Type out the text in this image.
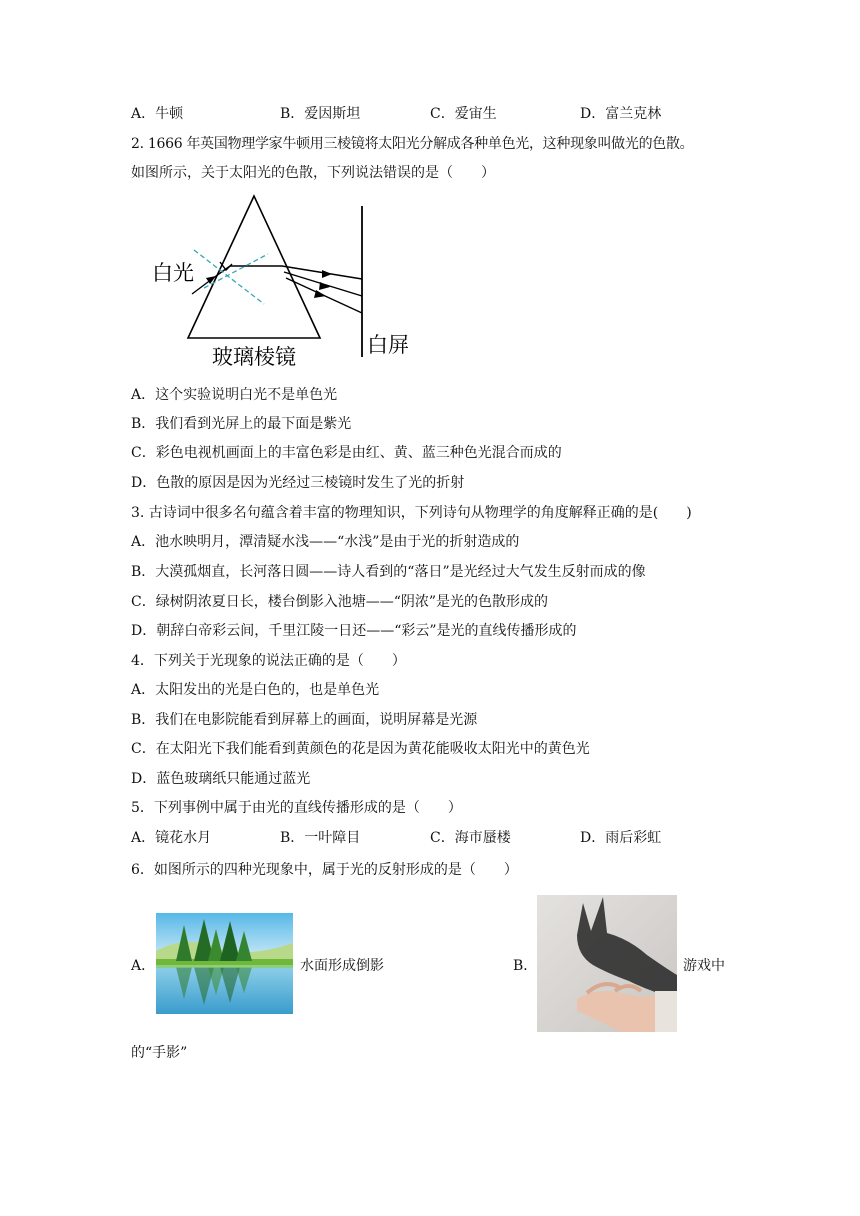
A．牛顿	B．爱因斯坦	C．爱宙生	D．富兰克林
2. 1666 年英国物理学家牛顿用三棱镜将太阳光分解成各种单色光，这种现象叫做光的色散。
如图所示，关于太阳光的色散，下列说法错误的是（　　）
白光
玻璃棱镜
白屏
A．这个实验说明白光不是单色光
B．我们看到光屏上的最下面是紫光
C．彩色电视机画面上的丰富色彩是由红、黄、蓝三种色光混合而成的
D．色散的原因是因为光经过三棱镜时发生了光的折射
3. 古诗词中很多名句蕴含着丰富的物理知识，下列诗句从物理学的角度解释正确的是(　　)
A．池水映明月，潭清疑水浅——“水浅”是由于光的折射造成的
B．大漠孤烟直，长河落日圆——诗人看到的“落日”是光经过大气发生反射而成的像
C．绿树阴浓夏日长，楼台倒影入池塘——“阴浓”是光的色散形成的
D．朝辞白帝彩云间，千里江陵一日还——“彩云”是光的直线传播形成的
4．下列关于光现象的说法正确的是（　　）
A．太阳发出的光是白色的，也是单色光
B．我们在电影院能看到屏幕上的画面，说明屏幕是光源
C．在太阳光下我们能看到黄颜色的花是因为黄花能吸收太阳光中的黄色光
D．蓝色玻璃纸只能通过蓝光
5．下列事例中属于由光的直线传播形成的是（　　）
A．镜花水月	B．一叶障目	C．海市蜃楼	D．雨后彩虹
6．如图所示的四种光现象中，属于光的反射形成的是（　　）
A．	水面形成倒影	B．	游戏中
的“手影”
